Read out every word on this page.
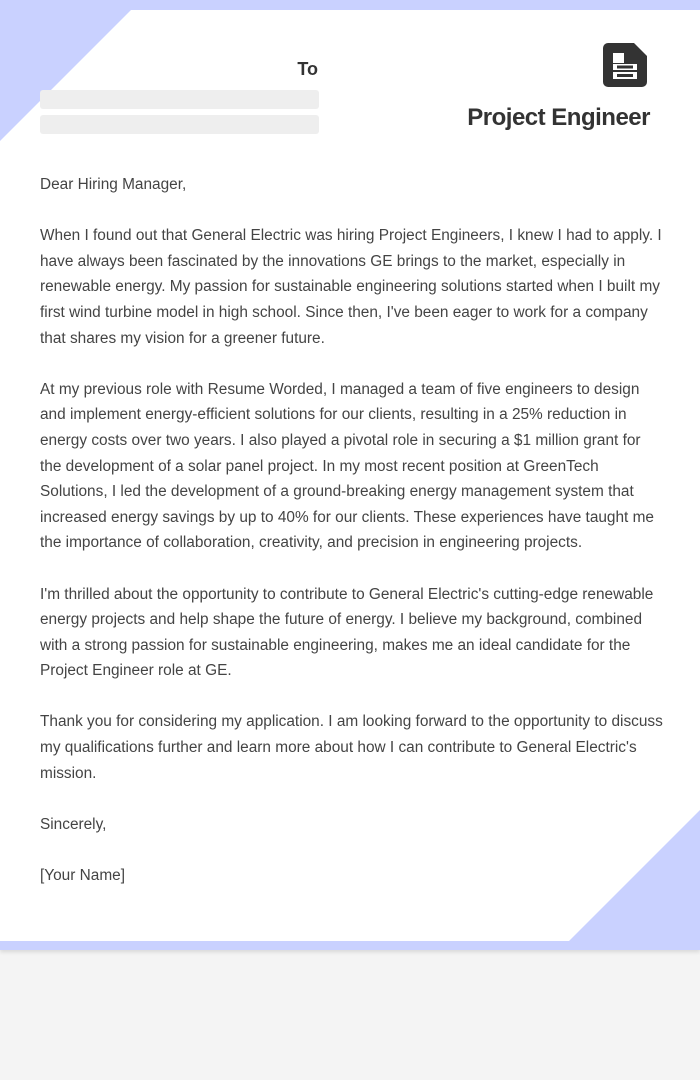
To
Project Engineer

Dear Hiring Manager,

When I found out that General Electric was hiring Project Engineers, I knew I had to apply. I have always been fascinated by the innovations GE brings to the market, especially in renewable energy. My passion for sustainable engineering solutions started when I built my first wind turbine model in high school. Since then, I've been eager to work for a company that shares my vision for a greener future.

At my previous role with Resume Worded, I managed a team of five engineers to design and implement energy-efficient solutions for our clients, resulting in a 25% reduction in energy costs over two years. I also played a pivotal role in securing a $1 million grant for the development of a solar panel project. In my most recent position at GreenTech Solutions, I led the development of a ground-breaking energy management system that increased energy savings by up to 40% for our clients. These experiences have taught me the importance of collaboration, creativity, and precision in engineering projects.

I'm thrilled about the opportunity to contribute to General Electric's cutting-edge renewable energy projects and help shape the future of energy. I believe my background, combined with a strong passion for sustainable engineering, makes me an ideal candidate for the Project Engineer role at GE.

Thank you for considering my application. I am looking forward to the opportunity to discuss my qualifications further and learn more about how I can contribute to General Electric's mission.

Sincerely,

[Your Name]
